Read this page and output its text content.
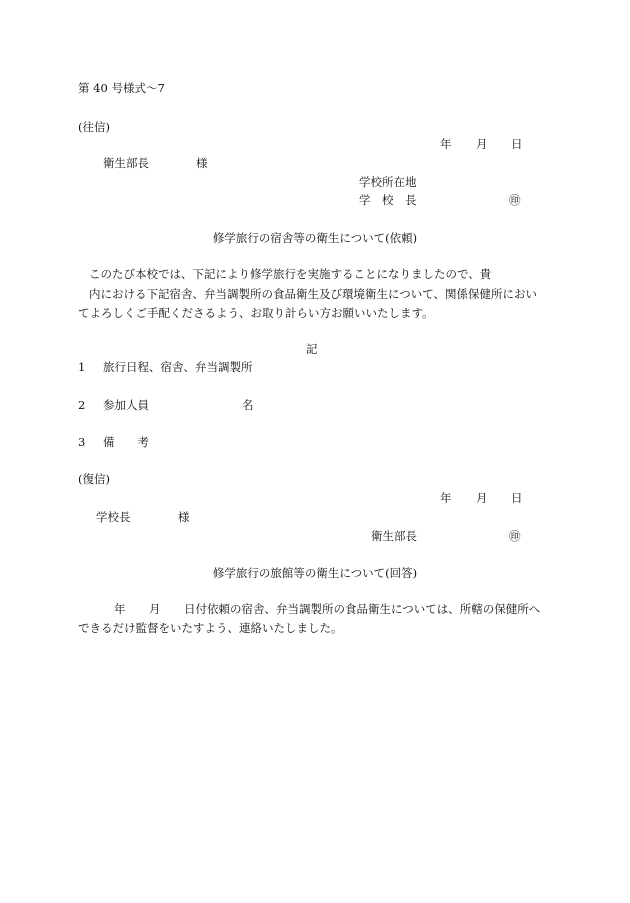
第 40 号様式～7
(往信)
年 月 日
衛生部長	様
学校所在地
学　校　長	㊞
修学旅行の宿舎等の衛生について(依頼)
このたび本校では、下記により修学旅行を実施することになりましたので、貴
内における下記宿舎、弁当調製所の食品衛生及び環境衛生について、関係保健所におい
てよろしくご手配くださるよう、お取り計らい方お願いいたします。
記
1 旅行日程、宿舎、弁当調製所
2 参加人員	名
3 備　　考
(復信)
年 月 日
学校長	様
衛生部長	㊞
修学旅行の旅館等の衛生について(回答)
年 月 日付依頼の宿舎、弁当調製所の食品衛生については、所轄の保健所へ
できるだけ監督をいたすよう、連絡いたしました。
